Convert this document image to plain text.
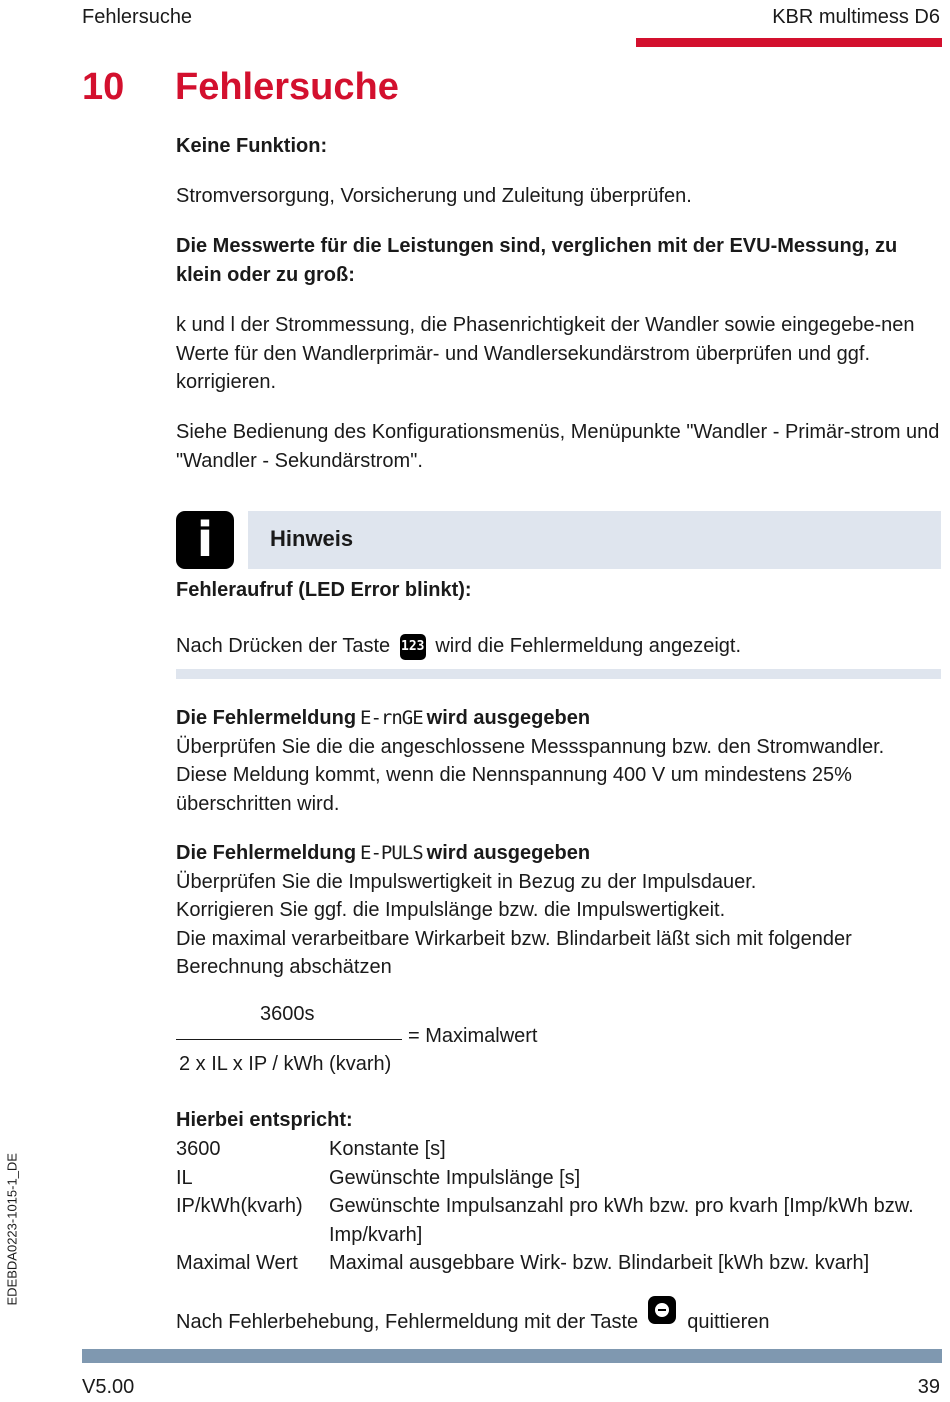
Fehlersuche	KBR multimess D6
10 Fehlersuche
Keine Funktion:
Stromversorgung, Vorsicherung und Zuleitung überprüfen.
Die Messwerte für die Leistungen sind, verglichen mit der EVU-Messung, zu klein oder zu groß:
k und l der Strommessung, die Phasenrichtigkeit der Wandler sowie eingegebe-nen Werte für den Wandlerprimär- und Wandlersekundärstrom überprüfen und ggf. korrigieren.
Siehe Bedienung des Konfigurationsmenüs, Menüpunkte "Wandler - Primär-strom und "Wandler - Sekundärstrom".
i	Hinweis
Fehleraufruf (LED Error blinkt):
Nach Drücken der Taste 123 wird die Fehlermeldung angezeigt.
Die Fehlermeldung E-rnGE wird ausgegeben
Überprüfen Sie die die angeschlossene Messspannung bzw. den Stromwandler.
Diese Meldung kommt, wenn die Nennspannung 400 V um mindestens 25% überschritten wird.
Die Fehlermeldung E-PULS wird ausgegeben
Überprüfen Sie die Impulswertigkeit in Bezug zu der Impulsdauer.
Korrigieren Sie ggf. die Impulslänge bzw. die Impulswertigkeit.
Die maximal verarbeitbare Wirkarbeit bzw. Blindarbeit läßt sich mit folgender Berechnung abschätzen
3600s
= Maximalwert
2 x IL x IP / kWh (kvarh)
Hierbei entspricht:
3600	Konstante [s]
IL	Gewünschte Impulslänge [s]
IP/kWh(kvarh)	Gewünschte Impulsanzahl pro kWh bzw. pro kvarh [Imp/kWh bzw. Imp/kvarh]
Maximal Wert	Maximal ausgebbare Wirk- bzw. Blindarbeit [kWh bzw. kvarh]
Nach Fehlerbehebung, Fehlermeldung mit der Taste quittieren
V5.00	39
EDEBDA0223-1015-1_DE
